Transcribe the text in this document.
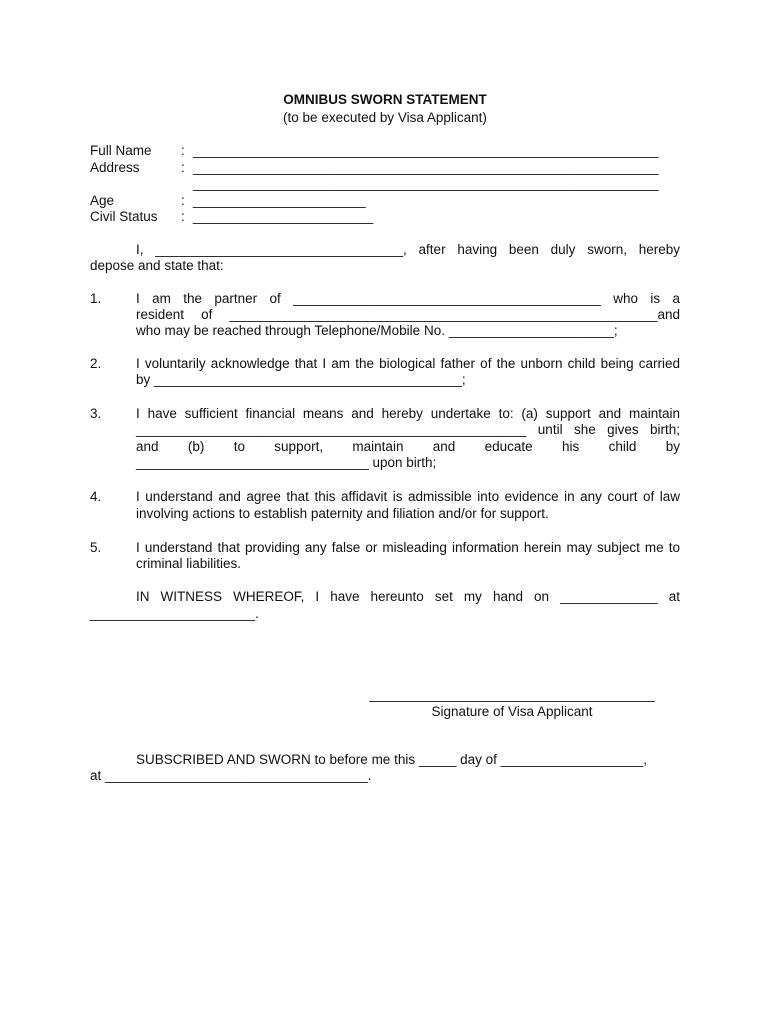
OMNIBUS SWORN STATEMENT
(to be executed by Visa Applicant)
Full Name : ______________________________________________________________
Address	: ______________________________________________________________
______________________________________________________________
Age	: _______________________
Civil Status : ________________________
I, _________________________________, after having been duly sworn, hereby
depose and state that:
1.	I am the partner of _________________________________________ who is a
resident of _________________________________________________________and
who may be reached through Telephone/Mobile No. ______________________;
2.	I voluntarily acknowledge that I am the biological father of the unborn child being carried
by _________________________________________;
3.	I have sufficient financial means and hereby undertake to: (a) support and maintain
____________________________________________________ until she gives birth;
and (b) to support, maintain and educate his child by
_______________________________ upon birth;
4.	I understand and agree that this affidavit is admissible into evidence in any court of law
involving actions to establish paternity and filiation and/or for support.
5.	I understand that providing any false or misleading information herein may subject me to
criminal liabilities.
IN WITNESS WHEREOF, I have hereunto set my hand on _____________ at
______________________.
______________________________________
Signature of Visa Applicant
SUBSCRIBED AND SWORN to before me this _____ day of ___________________,
at ___________________________________.
